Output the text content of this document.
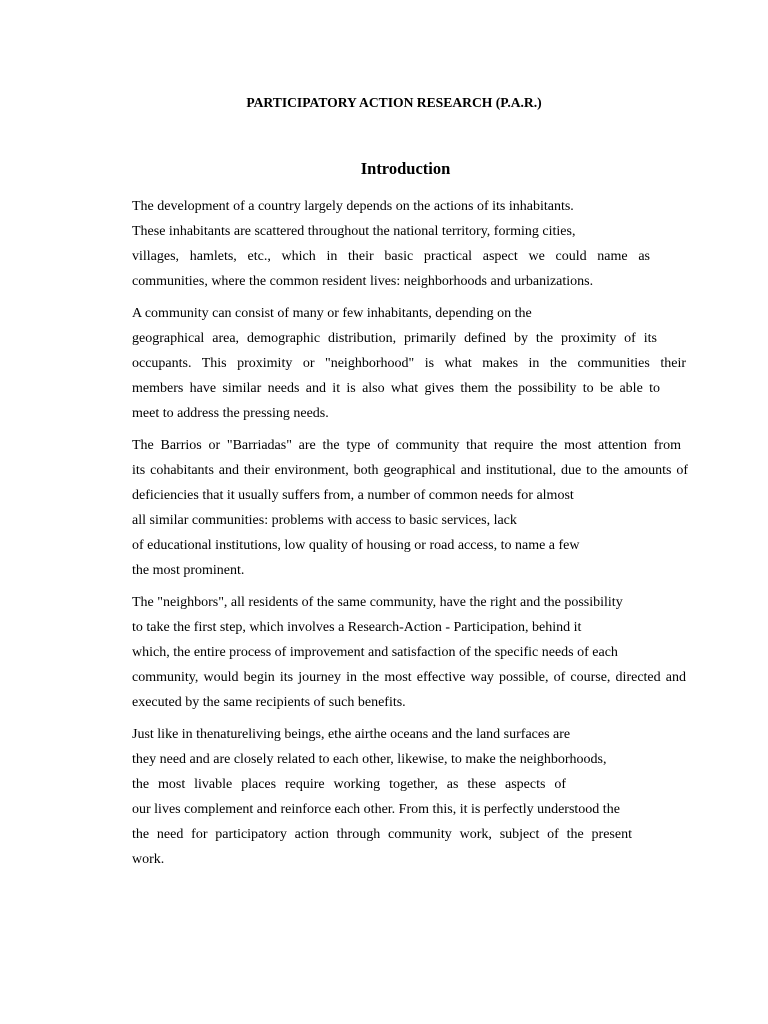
PARTICIPATORY ACTION RESEARCH (P.A.R.)
Introduction

The development of a country largely depends on the actions of its inhabitants.
These inhabitants are scattered throughout the national territory, forming cities,
villages, hamlets, etc., which in their basic practical aspect we could name as
communities, where the common resident lives: neighborhoods and urbanizations.

A community can consist of many or few inhabitants, depending on the
geographical area, demographic distribution, primarily defined by the proximity of its
occupants. This proximity or "neighborhood" is what makes in the communities their
members have similar needs and it is also what gives them the possibility to be able to
meet to address the pressing needs.

The Barrios or "Barriadas" are the type of community that require the most attention from
its cohabitants and their environment, both geographical and institutional, due to the amounts of
deficiencies that it usually suffers from, a number of common needs for almost
all similar communities: problems with access to basic services, lack
of educational institutions, low quality of housing or road access, to name a few
the most prominent.

The "neighbors", all residents of the same community, have the right and the possibility
to take the first step, which involves a Research-Action - Participation, behind it
which, the entire process of improvement and satisfaction of the specific needs of each
community, would begin its journey in the most effective way possible, of course, directed and
executed by the same recipients of such benefits.

Just like in thenatureliving beings, ethe airthe oceans and the land surfaces are
they need and are closely related to each other, likewise, to make the neighborhoods,
the most livable places require working together, as these aspects of
our lives complement and reinforce each other. From this, it is perfectly understood the
the need for participatory action through community work, subject of the present
work.
